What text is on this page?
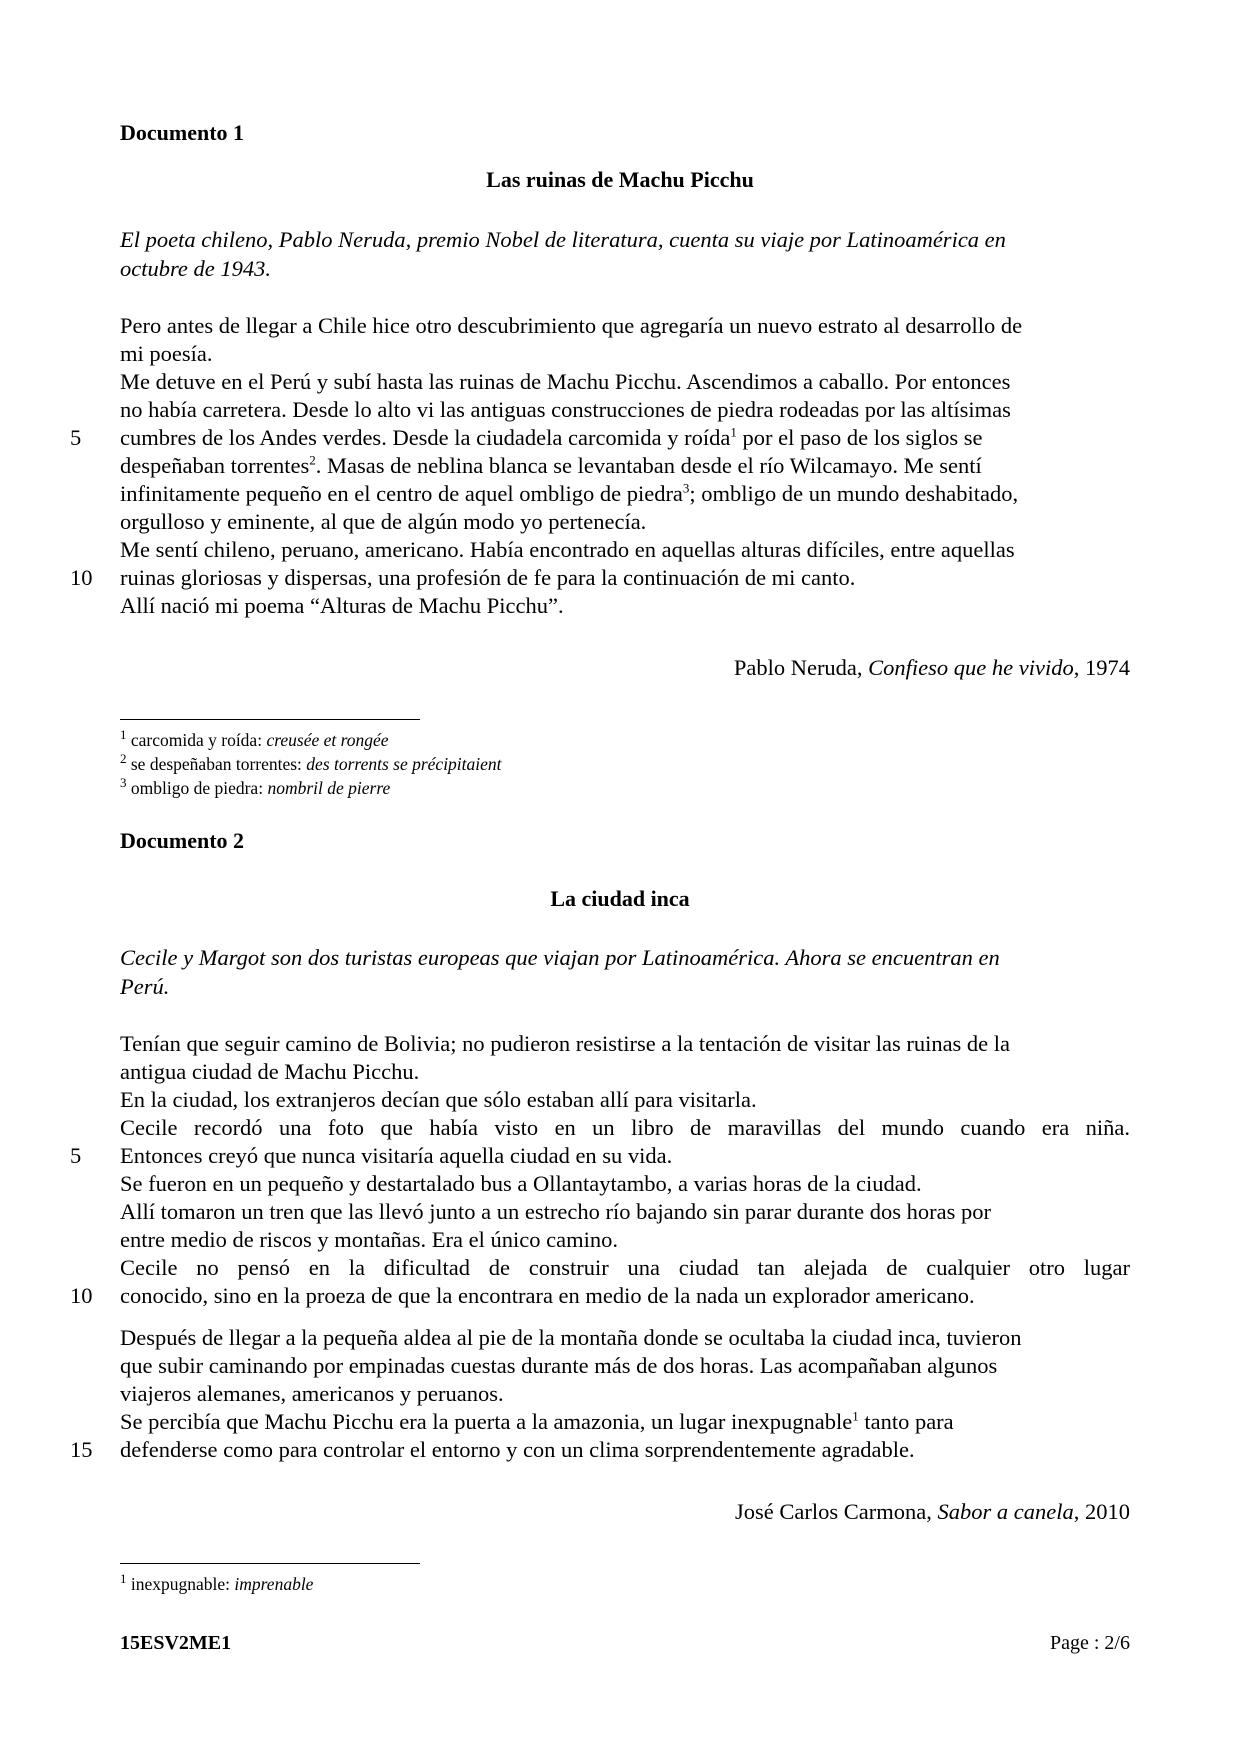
Documento 1
Las ruinas de Machu Picchu
El poeta chileno, Pablo Neruda, premio Nobel de literatura, cuenta su viaje por Latinoamérica en
octubre de 1943.
Pero antes de llegar a Chile hice otro descubrimiento que agregaría un nuevo estrato al desarrollo de
mi poesía.
Me detuve en el Perú y subí hasta las ruinas de Machu Picchu. Ascendimos a caballo. Por entonces
no había carretera. Desde lo alto vi las antiguas construcciones de piedra rodeadas por las altísimas
cumbres de los Andes verdes. Desde la ciudadela carcomida y roída$^1$ por el paso de los siglos se
despeñaban torrentes$^2$. Masas de neblina blanca se levantaban desde el río Wilcamayo. Me sentí
infinitamente pequeño en el centro de aquel ombligo de piedra$^3$; ombligo de un mundo deshabitado,
orgulloso y eminente, al que de algún modo yo pertenecía.
Me sentí chileno, peruano, americano. Había encontrado en aquellas alturas difíciles, entre aquellas
ruinas gloriosas y dispersas, una profesión de fe para la continuación de mi canto.
Allí nació mi poema “Alturas de Machu Picchu”.
5
10
Pablo Neruda, Confieso que he vivido, 1974
$^1$ carcomida y roída: creusée et rongée
$^2$ se despeñaban torrentes: des torrents se précipitaient
$^3$ ombligo de piedra: nombril de pierre
Documento 2
La ciudad inca
Cecile y Margot son dos turistas europeas que viajan por Latinoamérica. Ahora se encuentran en
Perú.
Tenían que seguir camino de Bolivia; no pudieron resistirse a la tentación de visitar las ruinas de la
antigua ciudad de Machu Picchu.
En la ciudad, los extranjeros decían que sólo estaban allí para visitarla.
Cecile recordó una foto que había visto en un libro de maravillas del mundo cuando era niña.
Entonces creyó que nunca visitaría aquella ciudad en su vida.
Se fueron en un pequeño y destartalado bus a Ollantaytambo, a varias horas de la ciudad.
Allí tomaron un tren que las llevó junto a un estrecho río bajando sin parar durante dos horas por
entre medio de riscos y montañas. Era el único camino.
Cecile no pensó en la dificultad de construir una ciudad tan alejada de cualquier otro lugar
conocido, sino en la proeza de que la encontrara en medio de la nada un explorador americano.
Después de llegar a la pequeña aldea al pie de la montaña donde se ocultaba la ciudad inca, tuvieron
que subir caminando por empinadas cuestas durante más de dos horas. Las acompañaban algunos
viajeros alemanes, americanos y peruanos.
Se percibía que Machu Picchu era la puerta a la amazonia, un lugar inexpugnable$^1$ tanto para
defenderse como para controlar el entorno y con un clima sorprendentemente agradable.
5
10
15
José Carlos Carmona, Sabor a canela, 2010
$^1$ inexpugnable: imprenable
15ESV2ME1	Page : 2/6
